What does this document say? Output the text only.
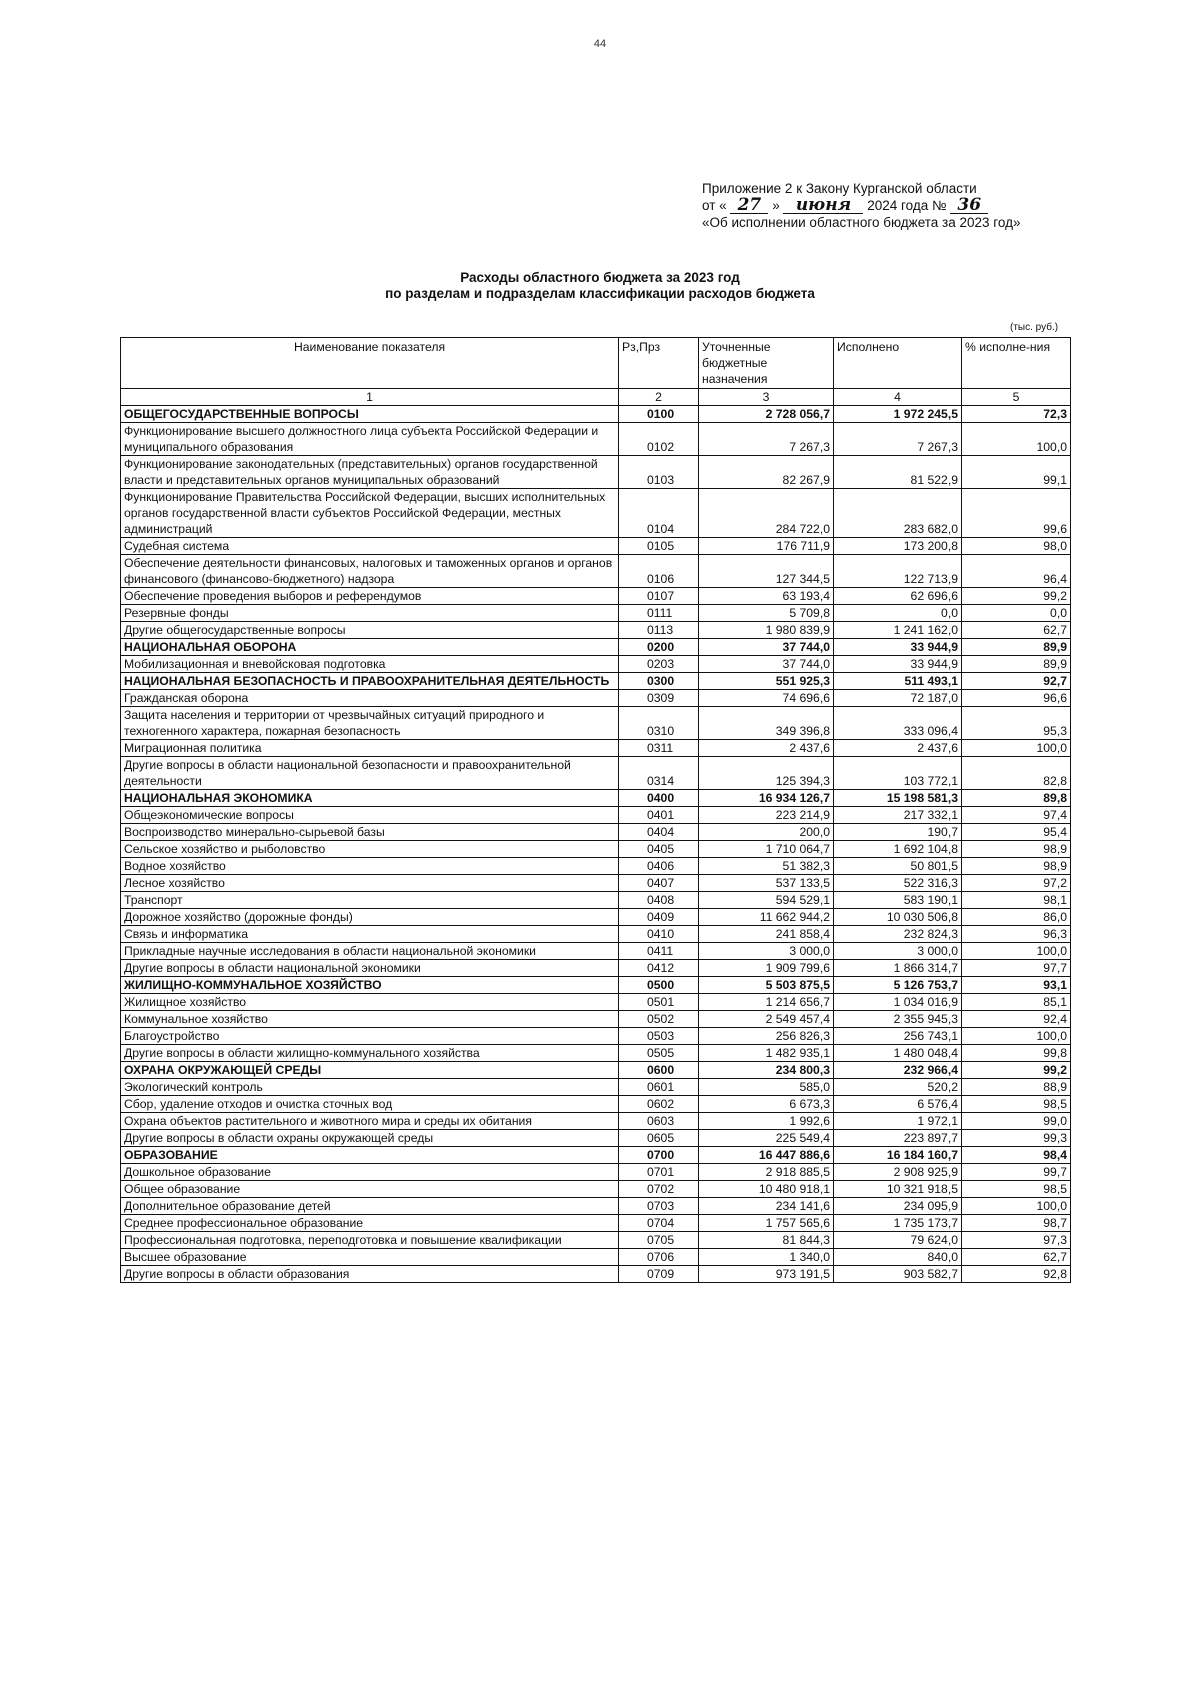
44
Приложение 2 к Закону Курганской области
от « 27 » июня 2024 года № 36
«Об исполнении областного бюджета за 2023 год»
Расходы областного бюджета за 2023 год
по разделам и подразделам классификации расходов бюджета
(тыс. руб.)
Наименование показателя	Рз,Прз	Уточненные бюджетные назначения	Исполнено	% исполне-ния
1	2	3	4	5
ОБЩЕГОСУДАРСТВЕННЫЕ ВОПРОСЫ	0100	2 728 056,7	1 972 245,5	72,3
Функционирование высшего должностного лица субъекта Российской Федерации и муниципального образования	0102	7 267,3	7 267,3	100,0
Функционирование законодательных (представительных) органов государственной власти и представительных органов муниципальных образований	0103	82 267,9	81 522,9	99,1
Функционирование Правительства Российской Федерации, высших исполнительных органов государственной власти субъектов Российской Федерации, местных администраций	0104	284 722,0	283 682,0	99,6
Судебная система	0105	176 711,9	173 200,8	98,0
Обеспечение деятельности финансовых, налоговых и таможенных органов и органов финансового (финансово-бюджетного) надзора	0106	127 344,5	122 713,9	96,4
Обеспечение проведения выборов и референдумов	0107	63 193,4	62 696,6	99,2
Резервные фонды	0111	5 709,8	0,0	0,0
Другие общегосударственные вопросы	0113	1 980 839,9	1 241 162,0	62,7
НАЦИОНАЛЬНАЯ ОБОРОНА	0200	37 744,0	33 944,9	89,9
Мобилизационная и вневойсковая подготовка	0203	37 744,0	33 944,9	89,9
НАЦИОНАЛЬНАЯ БЕЗОПАСНОСТЬ И ПРАВООХРАНИТЕЛЬНАЯ ДЕЯТЕЛЬНОСТЬ	0300	551 925,3	511 493,1	92,7
Гражданская оборона	0309	74 696,6	72 187,0	96,6
Защита населения и территории от чрезвычайных ситуаций природного и техногенного характера, пожарная безопасность	0310	349 396,8	333 096,4	95,3
Миграционная политика	0311	2 437,6	2 437,6	100,0
Другие вопросы в области национальной безопасности и правоохранительной деятельности	0314	125 394,3	103 772,1	82,8
НАЦИОНАЛЬНАЯ ЭКОНОМИКА	0400	16 934 126,7	15 198 581,3	89,8
Общеэкономические вопросы	0401	223 214,9	217 332,1	97,4
Воспроизводство минерально-сырьевой базы	0404	200,0	190,7	95,4
Сельское хозяйство и рыболовство	0405	1 710 064,7	1 692 104,8	98,9
Водное хозяйство	0406	51 382,3	50 801,5	98,9
Лесное хозяйство	0407	537 133,5	522 316,3	97,2
Транспорт	0408	594 529,1	583 190,1	98,1
Дорожное хозяйство (дорожные фонды)	0409	11 662 944,2	10 030 506,8	86,0
Связь и информатика	0410	241 858,4	232 824,3	96,3
Прикладные научные исследования в области национальной экономики	0411	3 000,0	3 000,0	100,0
Другие вопросы в области национальной экономики	0412	1 909 799,6	1 866 314,7	97,7
ЖИЛИЩНО-КОММУНАЛЬНОЕ ХОЗЯЙСТВО	0500	5 503 875,5	5 126 753,7	93,1
Жилищное хозяйство	0501	1 214 656,7	1 034 016,9	85,1
Коммунальное хозяйство	0502	2 549 457,4	2 355 945,3	92,4
Благоустройство	0503	256 826,3	256 743,1	100,0
Другие вопросы в области жилищно-коммунального хозяйства	0505	1 482 935,1	1 480 048,4	99,8
ОХРАНА ОКРУЖАЮЩЕЙ СРЕДЫ	0600	234 800,3	232 966,4	99,2
Экологический контроль	0601	585,0	520,2	88,9
Сбор, удаление отходов и очистка сточных вод	0602	6 673,3	6 576,4	98,5
Охрана объектов растительного и животного мира и среды их обитания	0603	1 992,6	1 972,1	99,0
Другие вопросы в области охраны окружающей среды	0605	225 549,4	223 897,7	99,3
ОБРАЗОВАНИЕ	0700	16 447 886,6	16 184 160,7	98,4
Дошкольное образование	0701	2 918 885,5	2 908 925,9	99,7
Общее образование	0702	10 480 918,1	10 321 918,5	98,5
Дополнительное образование детей	0703	234 141,6	234 095,9	100,0
Среднее профессиональное образование	0704	1 757 565,6	1 735 173,7	98,7
Профессиональная подготовка, переподготовка и повышение квалификации	0705	81 844,3	79 624,0	97,3
Высшее образование	0706	1 340,0	840,0	62,7
Другие вопросы в области образования	0709	973 191,5	903 582,7	92,8
